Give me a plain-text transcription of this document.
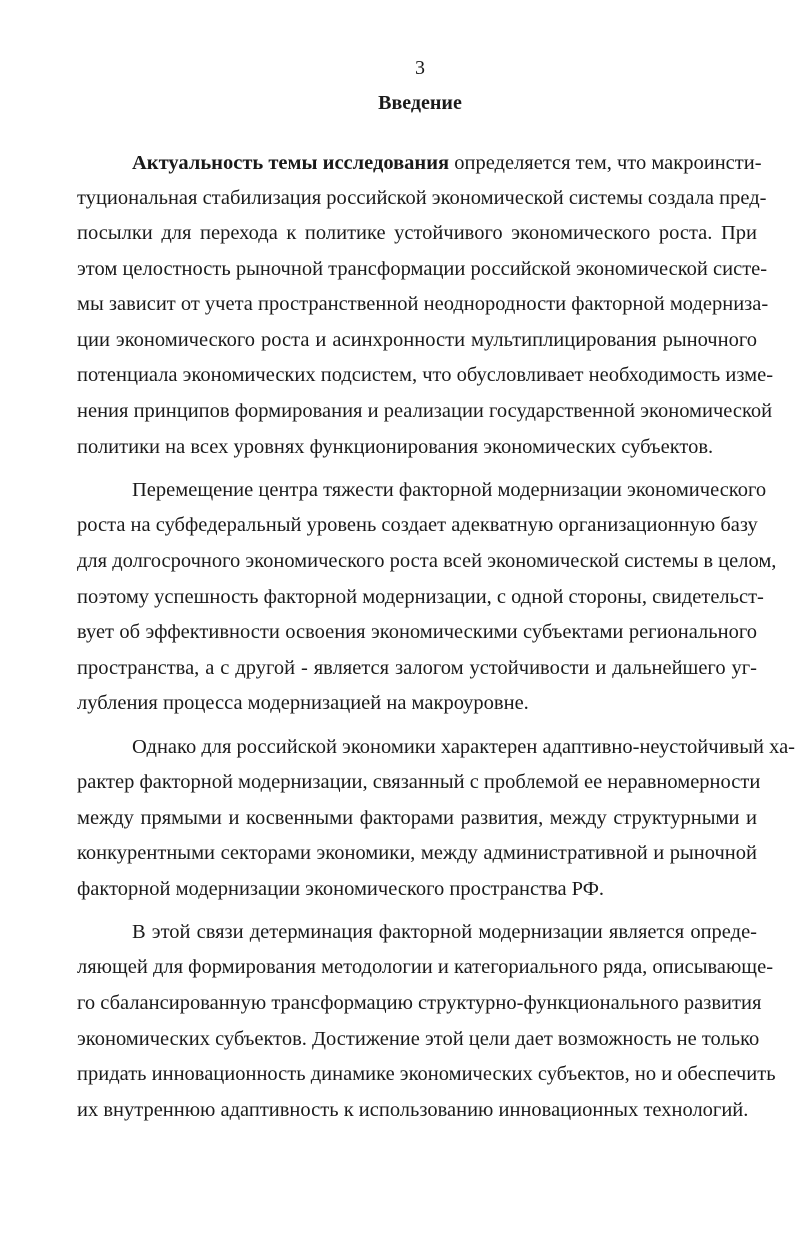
3
Введение
Актуальность темы исследования определяется тем, что макроинсти-
туциональная стабилизация российской экономической системы создала пред-
посылки для перехода к политике устойчивого экономического роста. При
этом целостность рыночной трансформации российской экономической систе-
мы зависит от учета пространственной неоднородности факторной модерниза-
ции экономического роста и асинхронности мультиплицирования рыночного
потенциала экономических подсистем, что обусловливает необходимость изме-
нения принципов формирования и реализации государственной экономической
политики на всех уровнях функционирования экономических субъектов.
Перемещение центра тяжести факторной модернизации экономического
роста на субфедеральный уровень создает адекватную организационную базу
для долгосрочного экономического роста всей экономической системы в целом,
поэтому успешность факторной модернизации, с одной стороны, свидетельст-
вует об эффективности освоения экономическими субъектами регионального
пространства, а с другой - является залогом устойчивости и дальнейшего уг-
лубления процесса модернизацией на макроуровне.
Однако для российской экономики характерен адаптивно-неустойчивый ха-
рактер факторной модернизации, связанный с проблемой ее неравномерности
между прямыми и косвенными факторами развития, между структурными и
конкурентными секторами экономики, между административной и рыночной
факторной модернизации экономического пространства РФ.
В этой связи детерминация факторной модернизации является опреде-
ляющей для формирования методологии и категориального ряда, описывающе-
го сбалансированную трансформацию структурно-функционального развития
экономических субъектов. Достижение этой цели дает возможность не только
придать инновационность динамике экономических субъектов, но и обеспечить
их внутреннюю адаптивность к использованию инновационных технологий.
